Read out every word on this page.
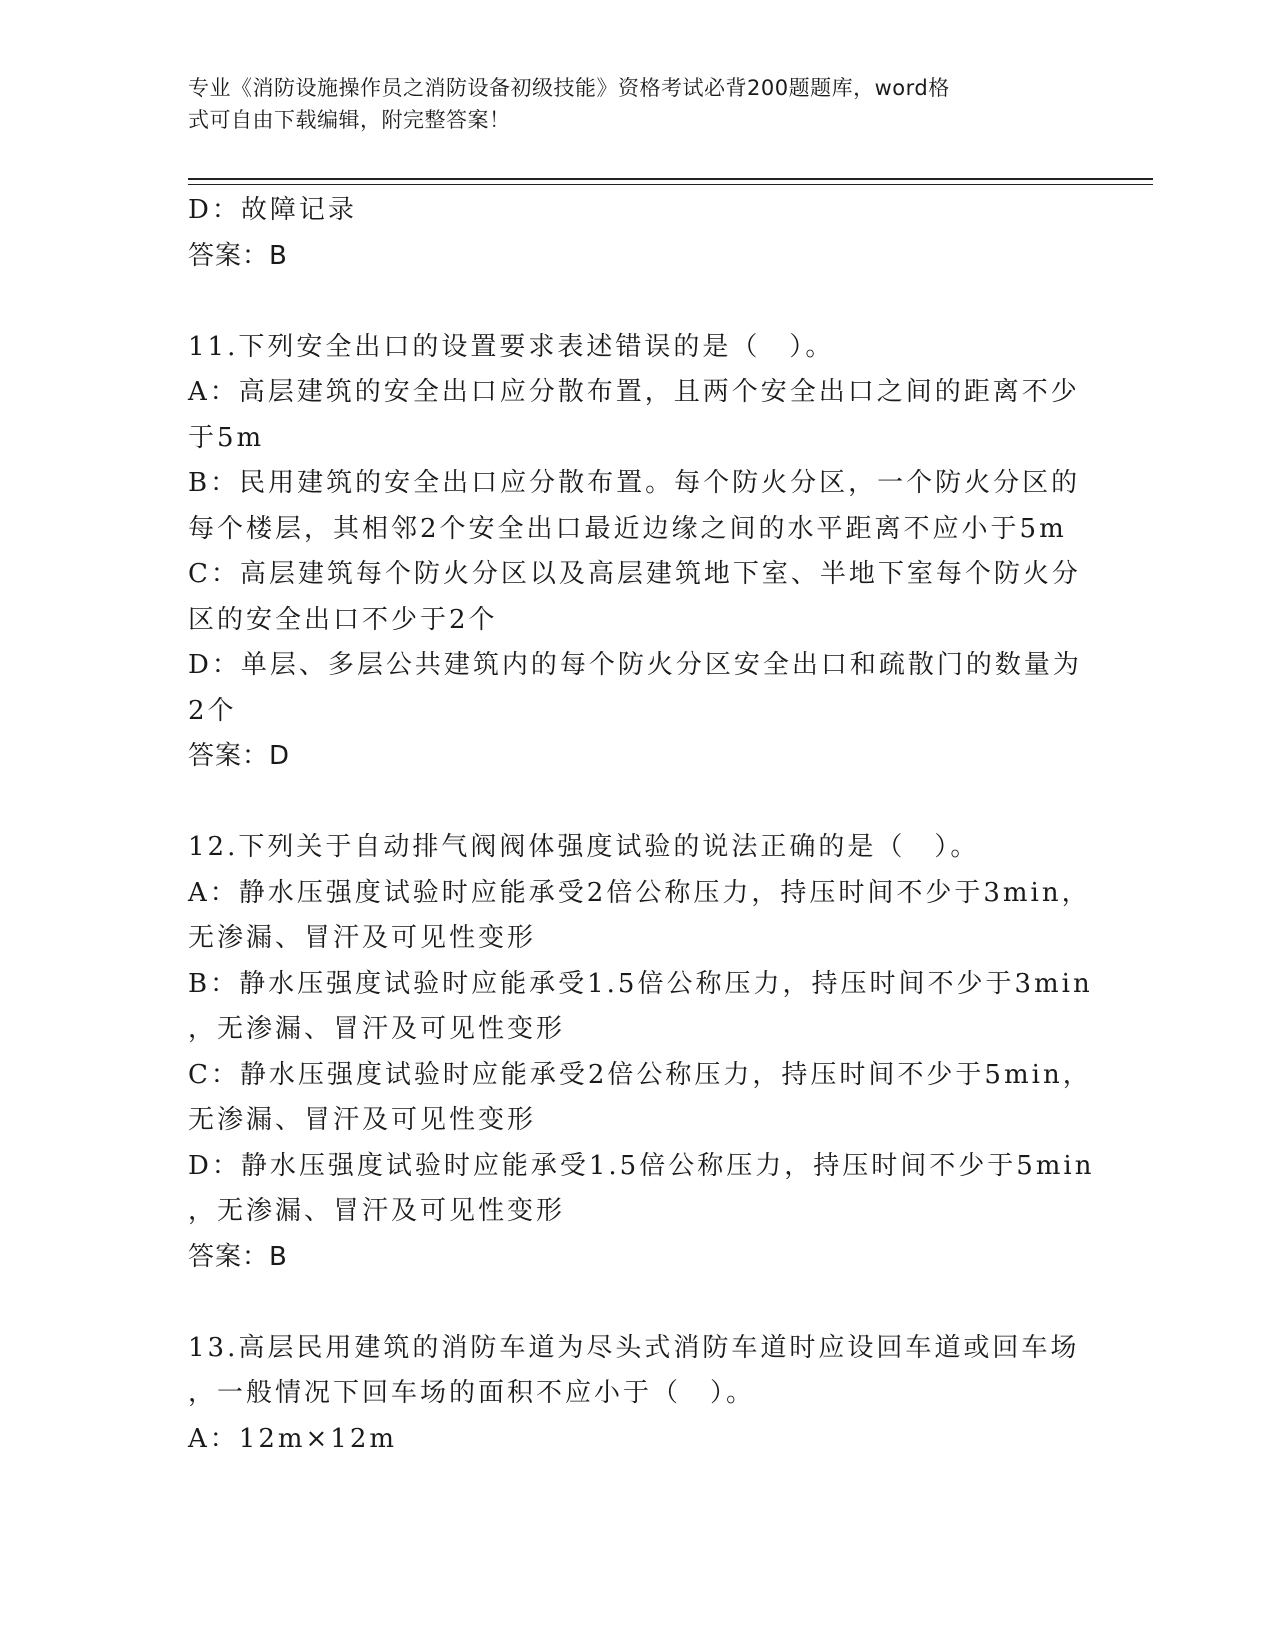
专业《消防设施操作员之消防设备初级技能》资格考试必背200题题库，word格
式可自由下载编辑，附完整答案！
D：故障记录
答案：B
11.下列安全出口的设置要求表述错误的是（　）。
A：高层建筑的安全出口应分散布置，且两个安全出口之间的距离不少
于5m
B：民用建筑的安全出口应分散布置。每个防火分区，一个防火分区的
每个楼层，其相邻2个安全出口最近边缘之间的水平距离不应小于5m
C：高层建筑每个防火分区以及高层建筑地下室、半地下室每个防火分
区的安全出口不少于2个
D：单层、多层公共建筑内的每个防火分区安全出口和疏散门的数量为
2个
答案：D
12.下列关于自动排气阀阀体强度试验的说法正确的是（　）。
A：静水压强度试验时应能承受2倍公称压力，持压时间不少于3min，
无渗漏、冒汗及可见性变形
B：静水压强度试验时应能承受1.5倍公称压力，持压时间不少于3min
，无渗漏、冒汗及可见性变形
C：静水压强度试验时应能承受2倍公称压力，持压时间不少于5min，
无渗漏、冒汗及可见性变形
D：静水压强度试验时应能承受1.5倍公称压力，持压时间不少于5min
，无渗漏、冒汗及可见性变形
答案：B
13.高层民用建筑的消防车道为尽头式消防车道时应设回车道或回车场
，一般情况下回车场的面积不应小于（　）。
A：12m×12m
